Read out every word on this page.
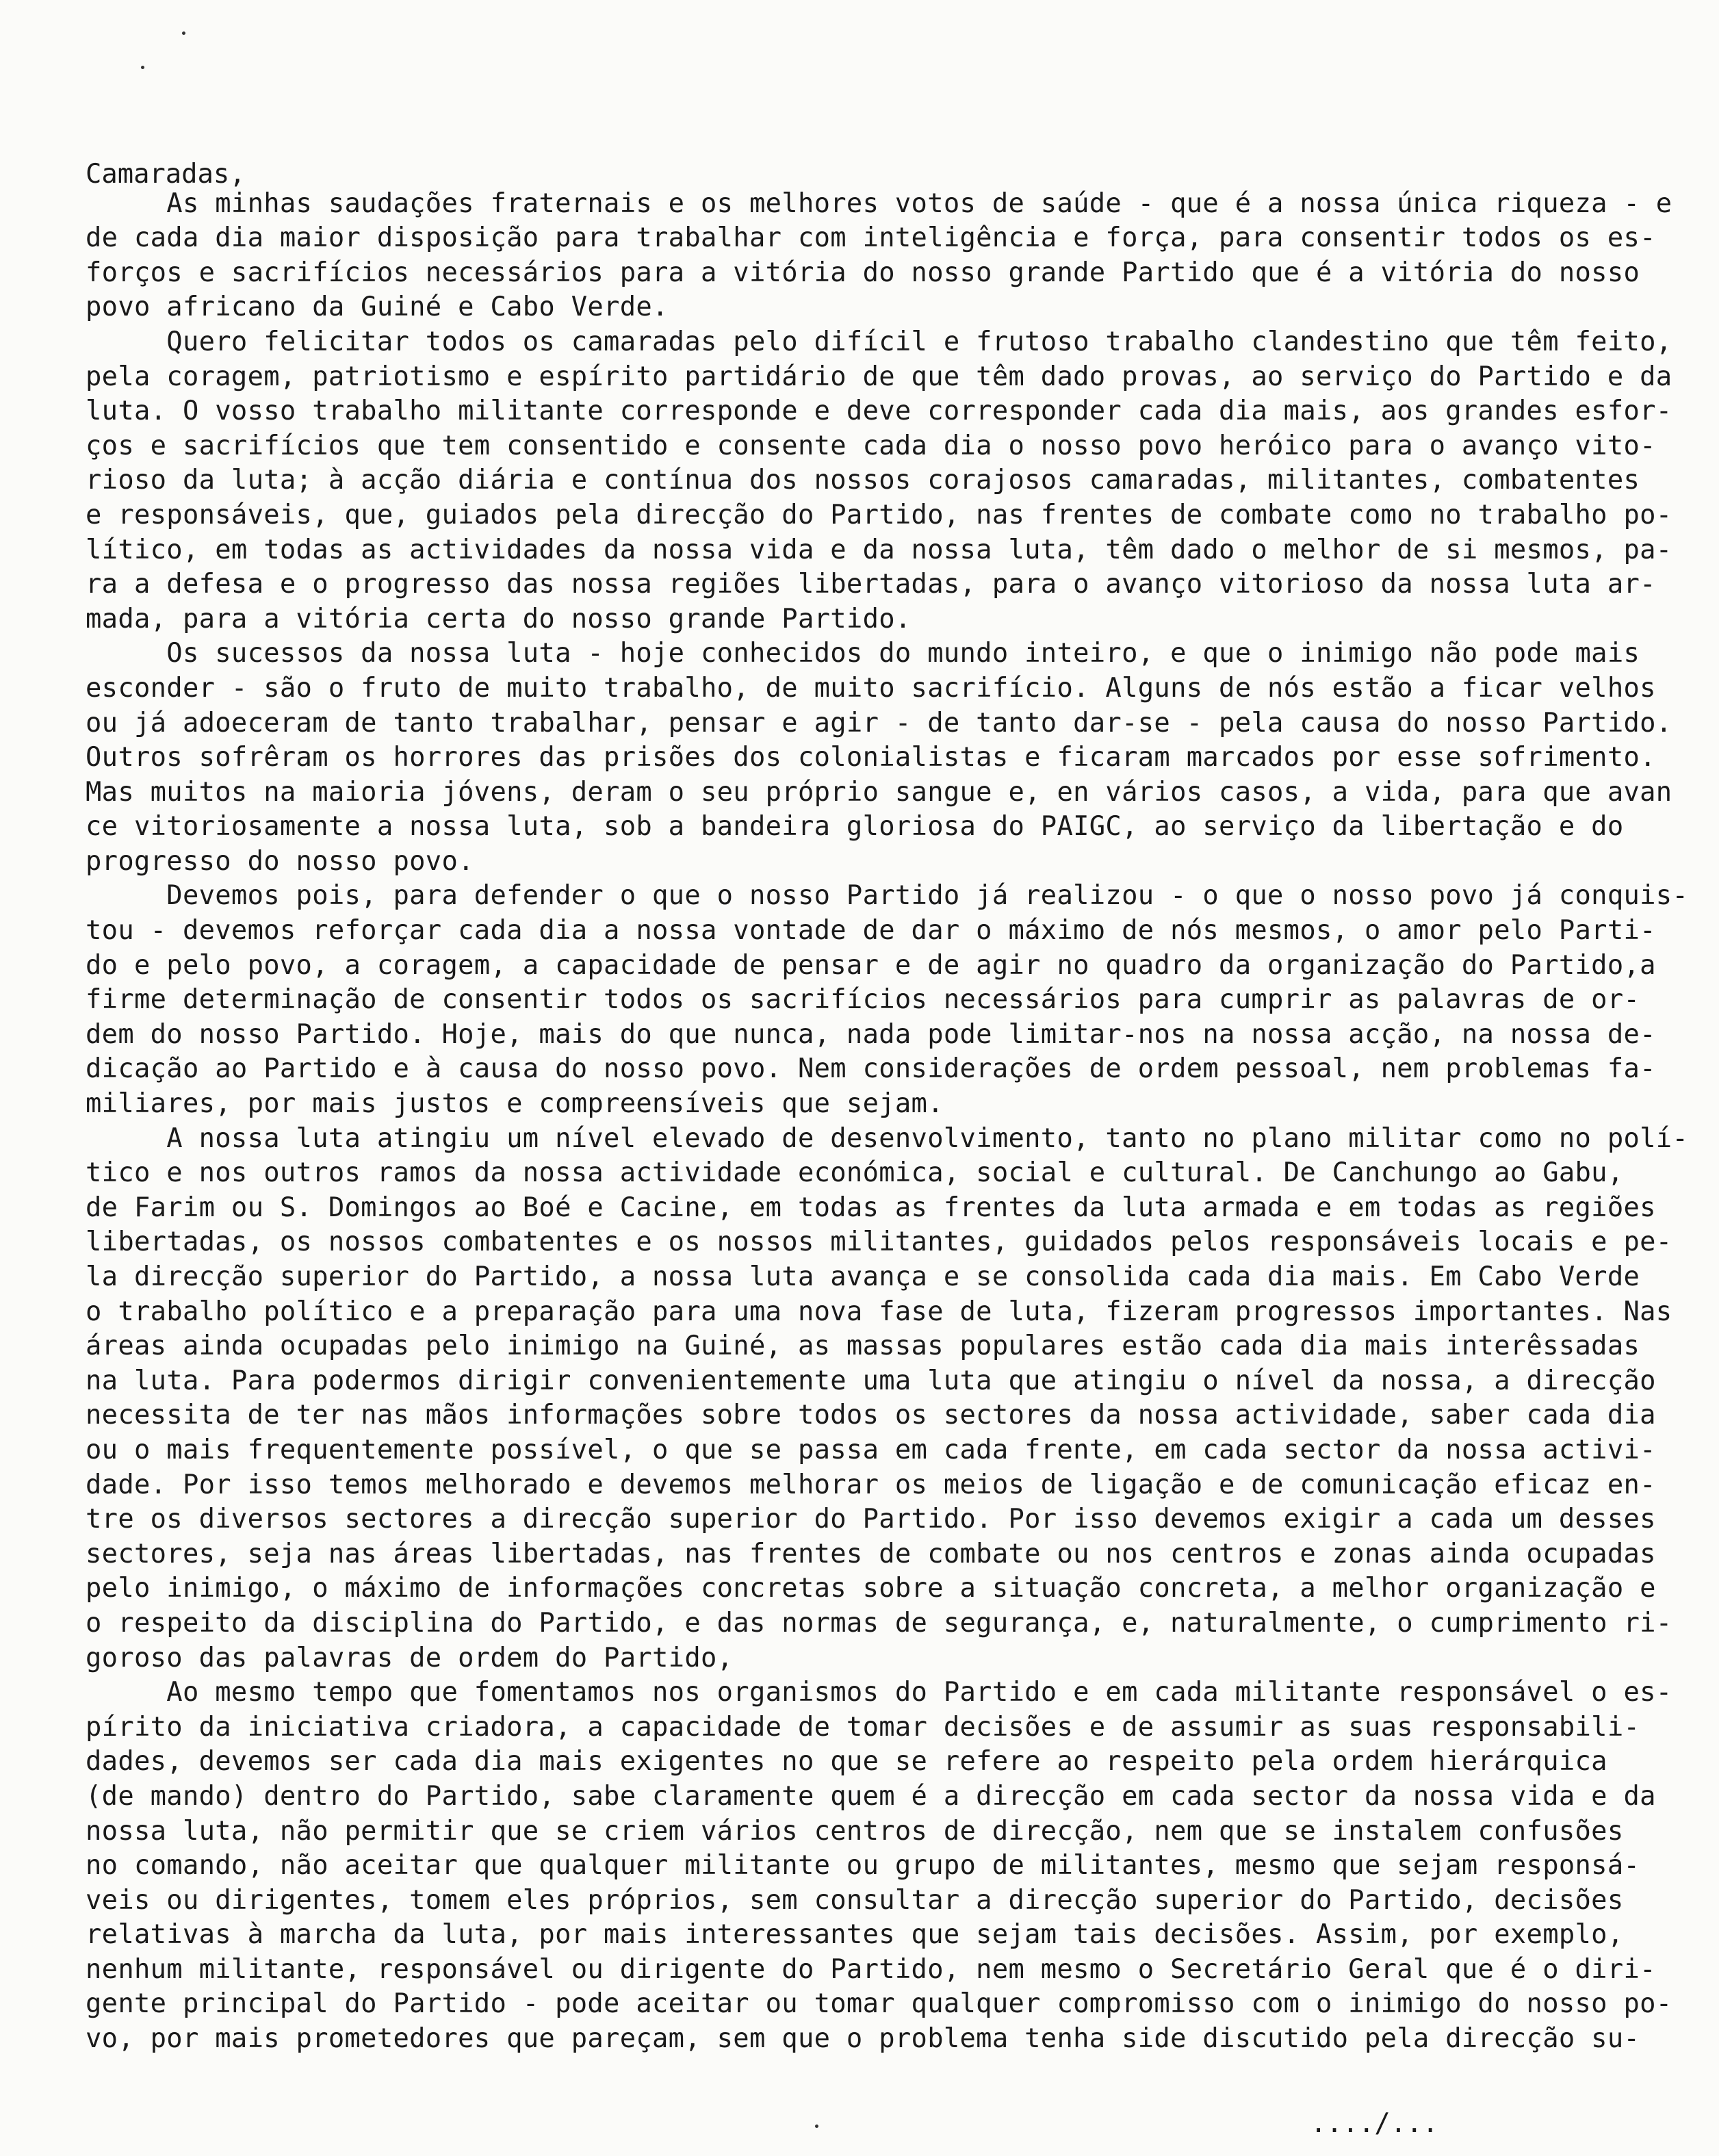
Camaradas,
As minhas saudações fraternais e os melhores votos de saúde - que é a nossa única riqueza - e
de cada dia maior disposição para trabalhar com inteligência e força, para consentir todos os es-
forços e sacrifícios necessários para a vitória do nosso grande Partido que é a vitória do nosso
povo africano da Guiné e Cabo Verde.
Quero felicitar todos os camaradas pelo difícil e frutoso trabalho clandestino que têm feito,
pela coragem, patriotismo e espírito partidário de que têm dado provas, ao serviço do Partido e da
luta. O vosso trabalho militante corresponde e deve corresponder cada dia mais, aos grandes esfor-
ços e sacrifícios que tem consentido e consente cada dia o nosso povo heróico para o avanço vito-
rioso da luta; à acção diária e contínua dos nossos corajosos camaradas, militantes, combatentes
e responsáveis, que, guiados pela direcção do Partido, nas frentes de combate como no trabalho po-
lítico, em todas as actividades da nossa vida e da nossa luta, têm dado o melhor de si mesmos, pa-
ra a defesa e o progresso das nossa regiões libertadas, para o avanço vitorioso da nossa luta ar-
mada, para a vitória certa do nosso grande Partido.
Os sucessos da nossa luta - hoje conhecidos do mundo inteiro, e que o inimigo não pode mais
esconder - são o fruto de muito trabalho, de muito sacrifício. Alguns de nós estão a ficar velhos
ou já adoeceram de tanto trabalhar, pensar e agir - de tanto dar-se - pela causa do nosso Partido.
Outros sofrêram os horrores das prisões dos colonialistas e ficaram marcados por esse sofrimento.
Mas muitos na maioria jóvens, deram o seu próprio sangue e, en vários casos, a vida, para que avan
ce vitoriosamente a nossa luta, sob a bandeira gloriosa do PAIGC, ao serviço da libertação e do
progresso do nosso povo.
Devemos pois, para defender o que o nosso Partido já realizou - o que o nosso povo já conquis-
tou - devemos reforçar cada dia a nossa vontade de dar o máximo de nós mesmos, o amor pelo Parti-
do e pelo povo, a coragem, a capacidade de pensar e de agir no quadro da organização do Partido,a
firme determinação de consentir todos os sacrifícios necessários para cumprir as palavras de or-
dem do nosso Partido. Hoje, mais do que nunca, nada pode limitar-nos na nossa acção, na nossa de-
dicação ao Partido e à causa do nosso povo. Nem considerações de ordem pessoal, nem problemas fa-
miliares, por mais justos e compreensíveis que sejam.
A nossa luta atingiu um nível elevado de desenvolvimento, tanto no plano militar como no polí-
tico e nos outros ramos da nossa actividade económica, social e cultural. De Canchungo ao Gabu,
de Farim ou S. Domingos ao Boé e Cacine, em todas as frentes da luta armada e em todas as regiões
libertadas, os nossos combatentes e os nossos militantes, guidados pelos responsáveis locais e pe-
la direcção superior do Partido, a nossa luta avança e se consolida cada dia mais. Em Cabo Verde
o trabalho político e a preparação para uma nova fase de luta, fizeram progressos importantes. Nas
áreas ainda ocupadas pelo inimigo na Guiné, as massas populares estão cada dia mais interêssadas
na luta. Para podermos dirigir convenientemente uma luta que atingiu o nível da nossa, a direcção
necessita de ter nas mãos informações sobre todos os sectores da nossa actividade, saber cada dia
ou o mais frequentemente possível, o que se passa em cada frente, em cada sector da nossa activi-
dade. Por isso temos melhorado e devemos melhorar os meios de ligação e de comunicação eficaz en-
tre os diversos sectores a direcção superior do Partido. Por isso devemos exigir a cada um desses
sectores, seja nas áreas libertadas, nas frentes de combate ou nos centros e zonas ainda ocupadas
pelo inimigo, o máximo de informações concretas sobre a situação concreta, a melhor organização e
o respeito da disciplina do Partido, e das normas de segurança, e, naturalmente, o cumprimento ri-
goroso das palavras de ordem do Partido,
Ao mesmo tempo que fomentamos nos organismos do Partido e em cada militante responsável o es-
pírito da iniciativa criadora, a capacidade de tomar decisões e de assumir as suas responsabili-
dades, devemos ser cada dia mais exigentes no que se refere ao respeito pela ordem hierárquica
(de mando) dentro do Partido, sabe claramente quem é a direcção em cada sector da nossa vida e da
nossa luta, não permitir que se criem vários centros de direcção, nem que se instalem confusões
no comando, não aceitar que qualquer militante ou grupo de militantes, mesmo que sejam responsá-
veis ou dirigentes, tomem eles próprios, sem consultar a direcção superior do Partido, decisões
relativas à marcha da luta, por mais interessantes que sejam tais decisões. Assim, por exemplo,
nenhum militante, responsável ou dirigente do Partido, nem mesmo o Secretário Geral que é o diri-
gente principal do Partido - pode aceitar ou tomar qualquer compromisso com o inimigo do nosso po-
vo, por mais prometedores que pareçam, sem que o problema tenha side discutido pela direcção su-
..../...
